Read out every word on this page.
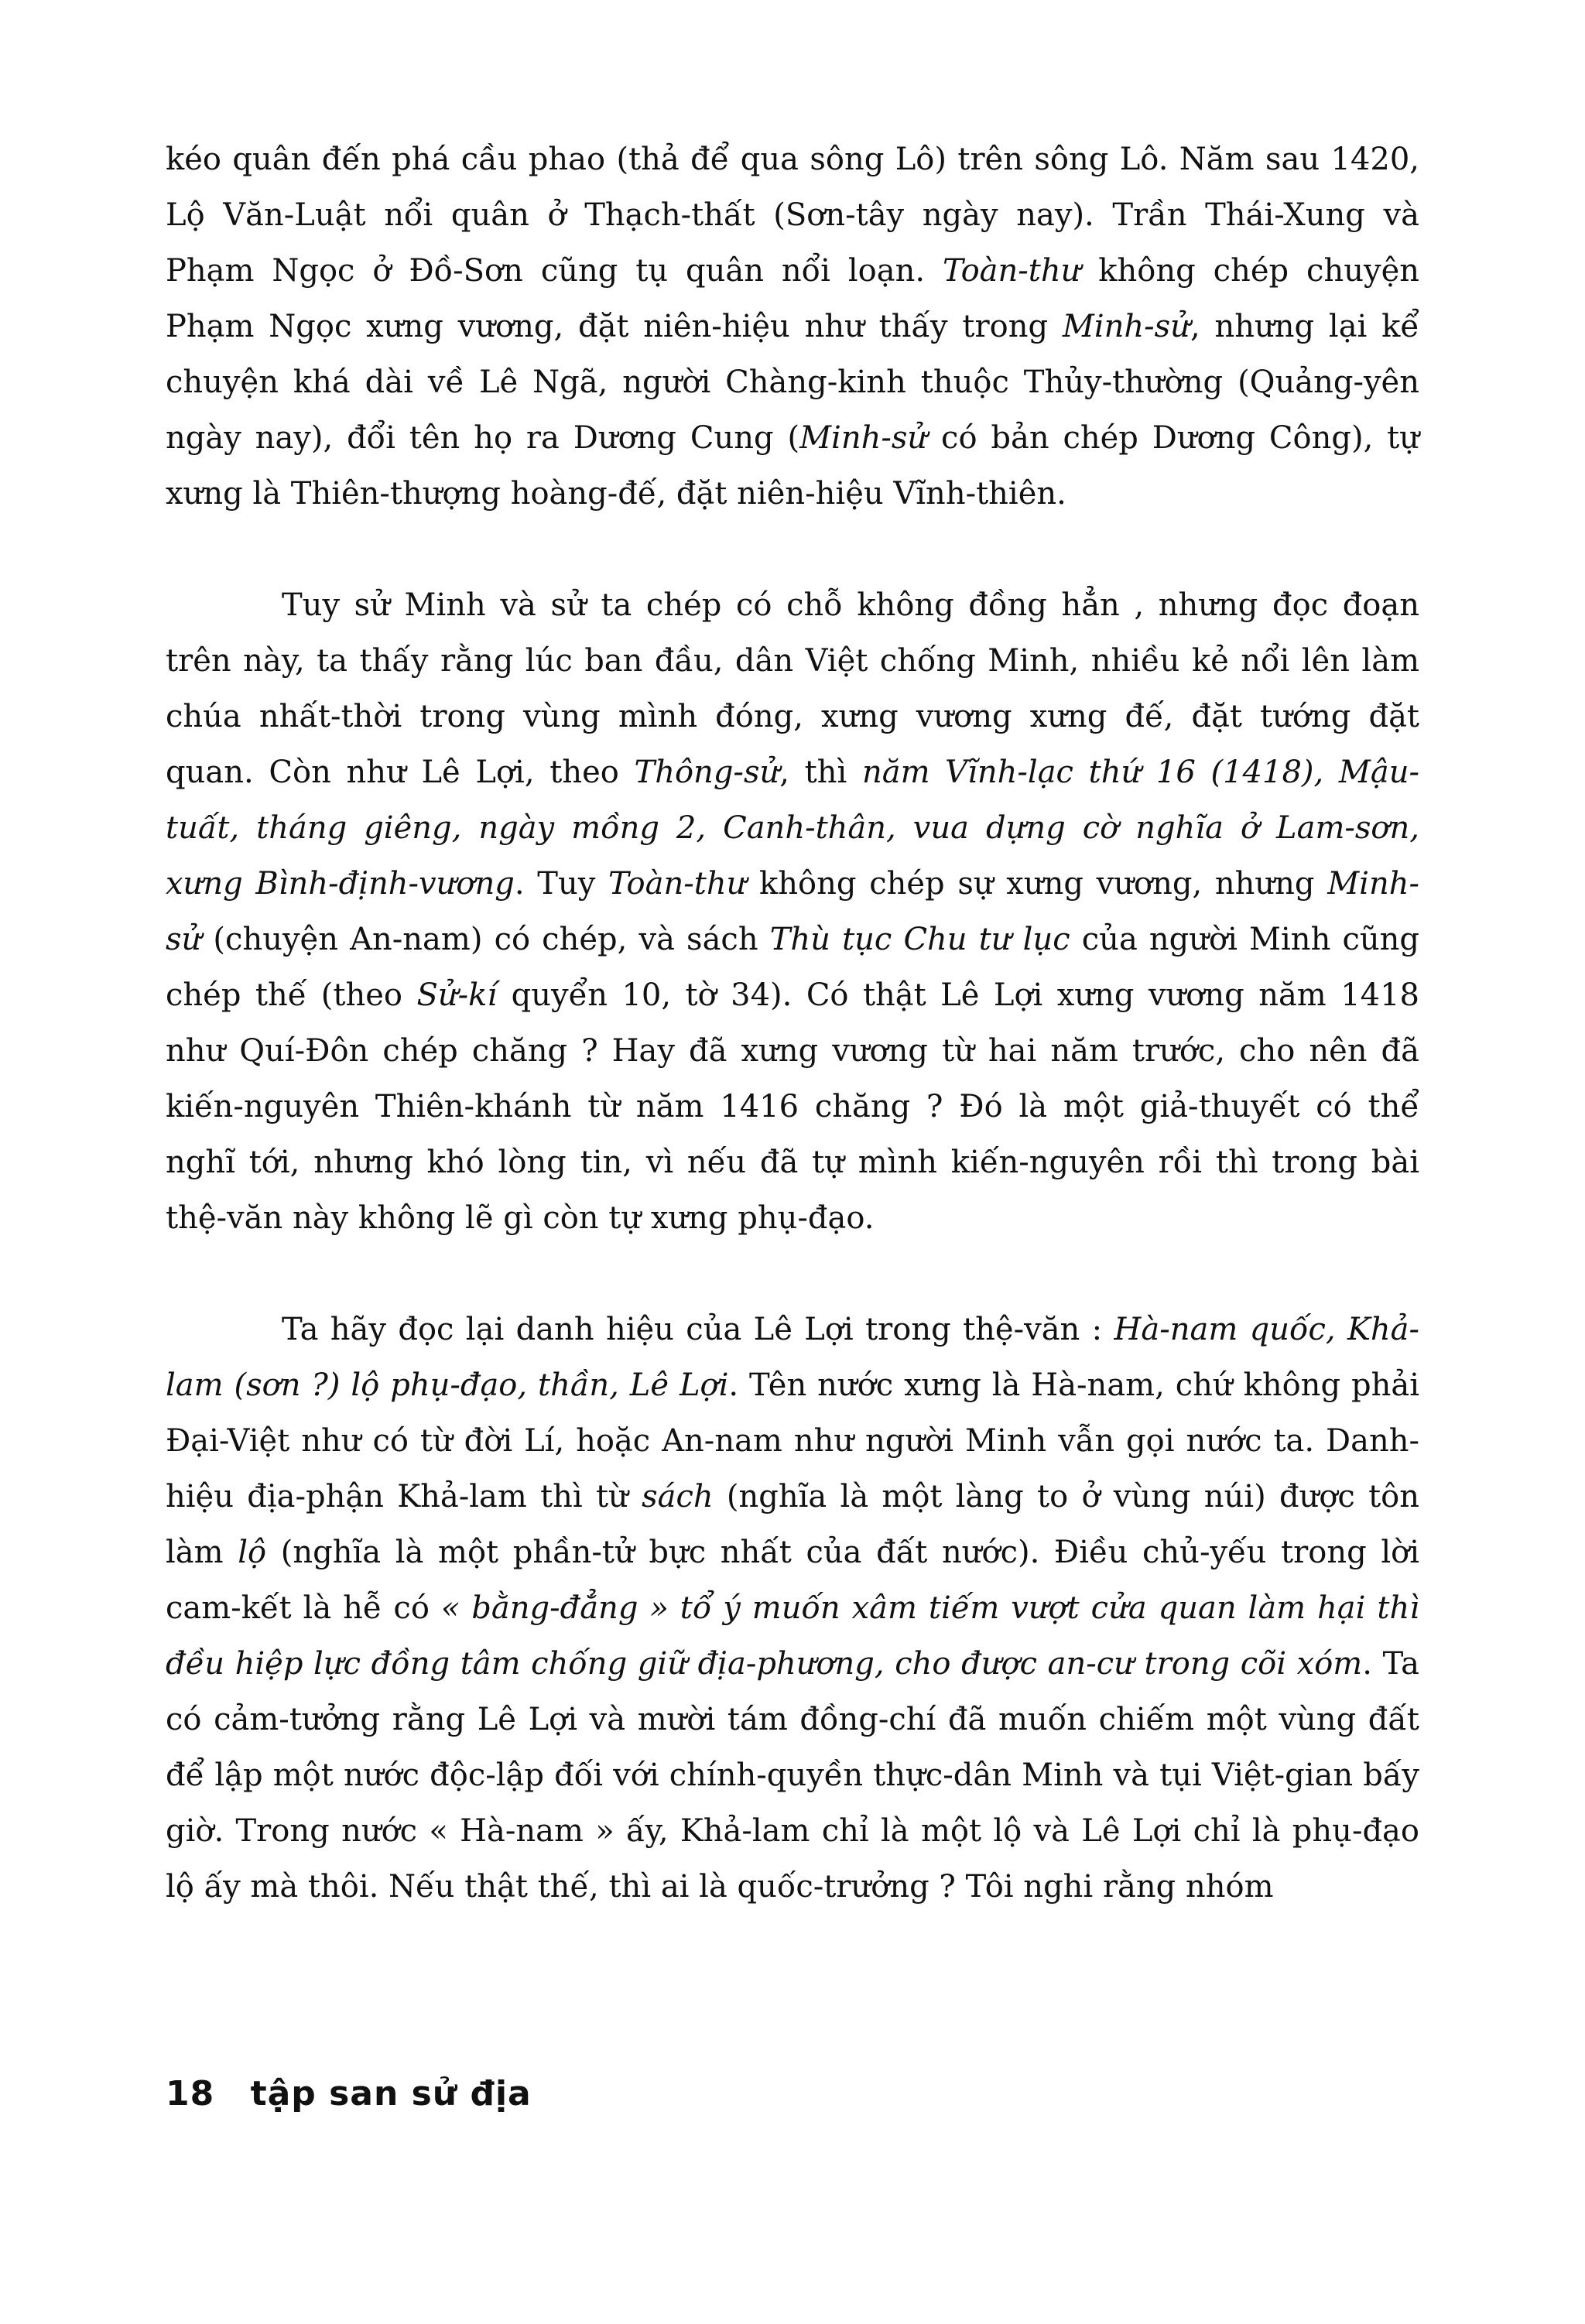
kéo quân đến phá cầu phao (thả để qua sông Lô) trên sông Lô. Năm sau 1420, Lộ Văn-Luật nổi quân ở Thạch-thất (Sơn-tây ngày nay). Trần Thái-Xung và Phạm Ngọc ở Đồ-Sơn cũng tụ quân nổi loạn. Toàn-thư không chép chuyện Phạm Ngọc xưng vương, đặt niên-hiệu như thấy trong Minh-sử, nhưng lại kể chuyện khá dài về Lê Ngã, người Chàng-kinh thuộc Thủy-thường (Quảng-yên ngày nay), đổi tên họ ra Dương Cung (Minh-sử có bản chép Dương Công), tự xưng là Thiên-thượng hoàng-đế, đặt niên-hiệu Vĩnh-thiên.

Tuy sử Minh và sử ta chép có chỗ không đồng hẳn , nhưng đọc đoạn trên này, ta thấy rằng lúc ban đầu, dân Việt chống Minh, nhiều kẻ nổi lên làm chúa nhất-thời trong vùng mình đóng, xưng vương xưng đế, đặt tướng đặt quan. Còn như Lê Lợi, theo Thông-sử, thì năm Vĩnh-lạc thứ 16 (1418), Mậu-tuất, tháng giêng, ngày mồng 2, Canh-thân, vua dựng cờ nghĩa ở Lam-sơn, xưng Bình-định-vương. Tuy Toàn-thư không chép sự xưng vương, nhưng Minh-sử (chuyện An-nam) có chép, và sách Thù tục Chu tư lục của người Minh cũng chép thế (theo Sử-kí quyển 10, tờ 34). Có thật Lê Lợi xưng vương năm 1418 như Quí-Đôn chép chăng ? Hay đã xưng vương từ hai năm trước, cho nên đã kiến-nguyên Thiên-khánh từ năm 1416 chăng ? Đó là một giả-thuyết có thể nghĩ tới, nhưng khó lòng tin, vì nếu đã tự mình kiến-nguyên rồi thì trong bài thệ-văn này không lẽ gì còn tự xưng phụ-đạo.

Ta hãy đọc lại danh hiệu của Lê Lợi trong thệ-văn : Hà-nam quốc, Khả-lam (sơn ?) lộ phụ-đạo, thần, Lê Lợi. Tên nước xưng là Hà-nam, chứ không phải Đại-Việt như có từ đời Lí, hoặc An-nam như người Minh vẫn gọi nước ta. Danh-hiệu địa-phận Khả-lam thì từ sách (nghĩa là một làng to ở vùng núi) được tôn làm lộ (nghĩa là một phần-tử bực nhất của đất nước). Điều chủ-yếu trong lời cam-kết là hễ có « bằng-đẳng » tổ ý muốn xâm tiếm vượt cửa quan làm hại thì đều hiệp lực đồng tâm chống giữ địa-phương, cho được an-cư trong cõi xóm. Ta có cảm-tưởng rằng Lê Lợi và mười tám đồng-chí đã muốn chiếm một vùng đất để lập một nước độc-lập đối với chính-quyền thực-dân Minh và tụi Việt-gian bấy giờ. Trong nước « Hà-nam » ấy, Khả-lam chỉ là một lộ và Lê Lợi chỉ là phụ-đạo lộ ấy mà thôi. Nếu thật thế, thì ai là quốc-trưởng ? Tôi nghi rằng nhóm

18 tập san sử địa
